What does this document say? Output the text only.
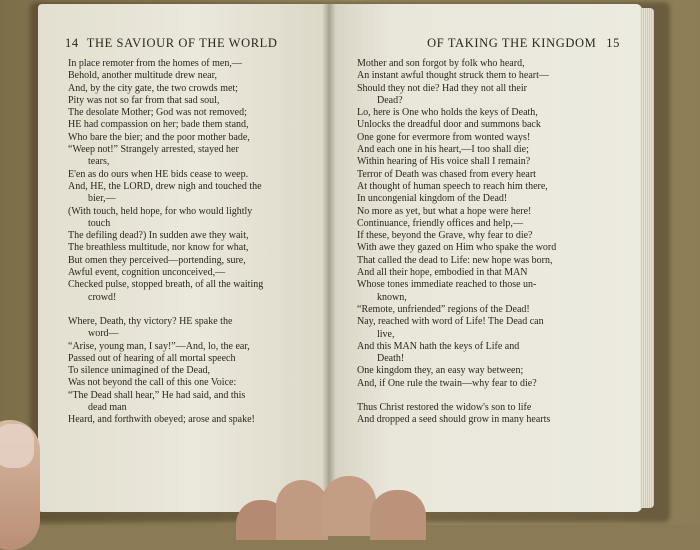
14 THE SAVIOUR OF THE WORLD
In place remoter from the homes of men,—
Behold, another multitude drew near,
And, by the city gate, the two crowds met;
Pity was not so far from that sad soul,
The desolate Mother; God was not removed;
HE had compassion on her; bade them stand,
Who bare the bier; and the poor mother bade,
“Weep not!” Strangely arrested, stayed her
tears,
E'en as do ours when HE bids cease to weep.
And, HE, the LORD, drew nigh and touched the
bier,—
(With touch, held hope, for who would lightly
touch
The defiling dead?) In sudden awe they wait,
The breathless multitude, nor know for what,
But omen they perceived—portending, sure,
Awful event, cognition unconceived,—
Checked pulse, stopped breath, of all the waiting
crowd!
Where, Death, thy victory? HE spake the
word—
“Arise, young man, I say!”—And, lo, the ear,
Passed out of hearing of all mortal speech
To silence unimagined of the Dead,
Was not beyond the call of this one Voice:
“The Dead shall hear,” He had said, and this
dead man
Heard, and forthwith obeyed; arose and spake!
OF TAKING THE KINGDOM 15
Mother and son forgot by folk who heard,
An instant awful thought struck them to heart—
Should they not die? Had they not all their
Dead?
Lo, here is One who holds the keys of Death,
Unlocks the dreadful door and summons back
One gone for evermore from wonted ways!
And each one in his heart,—I too shall die;
Within hearing of His voice shall I remain?
Terror of Death was chased from every heart
At thought of human speech to reach him there,
In uncongenial kingdom of the Dead!
No more as yet, but what a hope were here!
Continuance, friendly offices and help,—
If these, beyond the Grave, why fear to die?
With awe they gazed on Him who spake the word
That called the dead to Life: new hope was born,
And all their hope, embodied in that MAN
Whose tones immediate reached to those un-
known,
“Remote, unfriended” regions of the Dead!
Nay, reached with word of Life! The Dead can
live,
And this MAN hath the keys of Life and
Death!
One kingdom they, an easy way between;
And, if One rule the twain—why fear to die?
Thus Christ restored the widow's son to life
And dropped a seed should grow in many hearts
